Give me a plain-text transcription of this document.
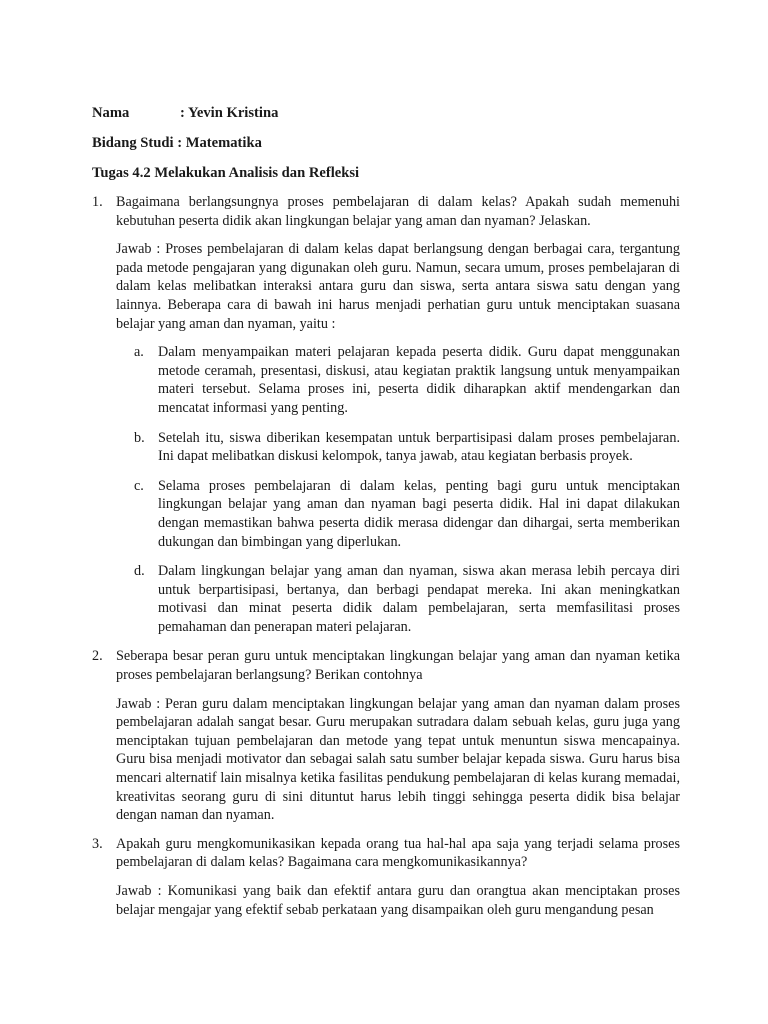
Nama	: Yevin Kristina
Bidang Studi : Matematika
Tugas 4.2 Melakukan Analisis dan Refleksi

1. Bagaimana berlangsungnya proses pembelajaran di dalam kelas? Apakah sudah memenuhi kebutuhan peserta didik akan lingkungan belajar yang aman dan nyaman? Jelaskan.

Jawab : Proses pembelajaran di dalam kelas dapat berlangsung dengan berbagai cara, tergantung pada metode pengajaran yang digunakan oleh guru. Namun, secara umum, proses pembelajaran di dalam kelas melibatkan interaksi antara guru dan siswa, serta antara siswa satu dengan yang lainnya. Beberapa cara di bawah ini harus menjadi perhatian guru untuk menciptakan suasana belajar yang aman dan nyaman, yaitu :

a. Dalam menyampaikan materi pelajaran kepada peserta didik. Guru dapat menggunakan metode ceramah, presentasi, diskusi, atau kegiatan praktik langsung untuk menyampaikan materi tersebut. Selama proses ini, peserta didik diharapkan aktif mendengarkan dan mencatat informasi yang penting.

b. Setelah itu, siswa diberikan kesempatan untuk berpartisipasi dalam proses pembelajaran. Ini dapat melibatkan diskusi kelompok, tanya jawab, atau kegiatan berbasis proyek.

c. Selama proses pembelajaran di dalam kelas, penting bagi guru untuk menciptakan lingkungan belajar yang aman dan nyaman bagi peserta didik. Hal ini dapat dilakukan dengan memastikan bahwa peserta didik merasa didengar dan dihargai, serta memberikan dukungan dan bimbingan yang diperlukan.

d. Dalam lingkungan belajar yang aman dan nyaman, siswa akan merasa lebih percaya diri untuk berpartisipasi, bertanya, dan berbagi pendapat mereka. Ini akan meningkatkan motivasi dan minat peserta didik dalam pembelajaran, serta memfasilitasi proses pemahaman dan penerapan materi pelajaran.

2. Seberapa besar peran guru untuk menciptakan lingkungan belajar yang aman dan nyaman ketika proses pembelajaran berlangsung? Berikan contohnya

Jawab : Peran guru dalam menciptakan lingkungan belajar yang aman dan nyaman dalam proses pembelajaran adalah sangat besar. Guru merupakan sutradara dalam sebuah kelas, guru juga yang menciptakan tujuan pembelajaran dan metode yang tepat untuk menuntun siswa mencapainya. Guru bisa menjadi motivator dan sebagai salah satu sumber belajar kepada siswa. Guru harus bisa mencari alternatif lain misalnya ketika fasilitas pendukung pembelajaran di kelas kurang memadai, kreativitas seorang guru di sini dituntut harus lebih tinggi sehingga peserta didik bisa belajar dengan naman dan nyaman.

3. Apakah guru mengkomunikasikan kepada orang tua hal-hal apa saja yang terjadi selama proses pembelajaran di dalam kelas? Bagaimana cara mengkomunikasikannya?

Jawab : Komunikasi yang baik dan efektif antara guru dan orangtua akan menciptakan proses belajar mengajar yang efektif sebab perkataan yang disampaikan oleh guru mengandung pesan
